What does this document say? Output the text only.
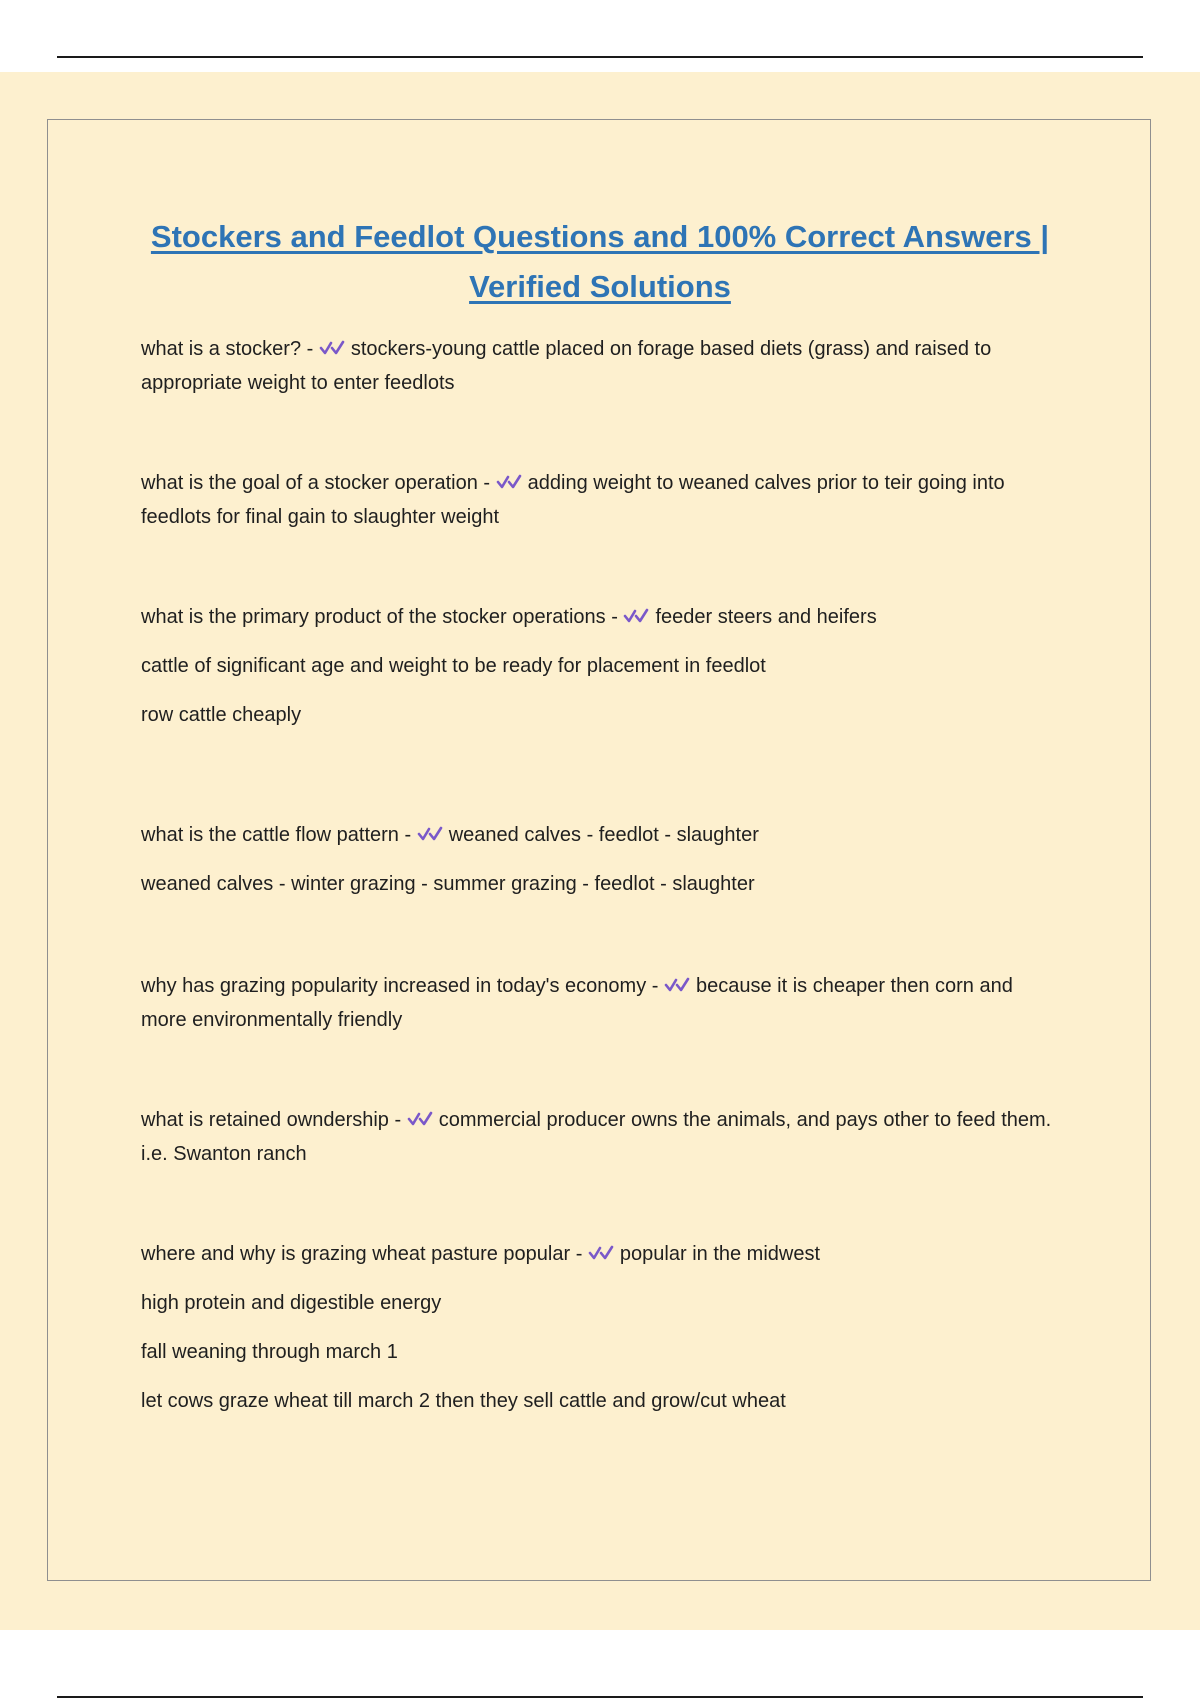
Stockers and Feedlot Questions and 100% Correct Answers |
Verified Solutions

what is a stocker? - stockers-young cattle placed on forage based diets (grass) and raised to appropriate weight to enter feedlots

what is the goal of a stocker operation - adding weight to weaned calves prior to teir going into feedlots for final gain to slaughter weight

what is the primary product of the stocker operations - feeder steers and heifers

cattle of significant age and weight to be ready for placement in feedlot

row cattle cheaply

what is the cattle flow pattern - weaned calves - feedlot - slaughter

weaned calves - winter grazing - summer grazing - feedlot - slaughter

why has grazing popularity increased in today's economy - because it is cheaper then corn and more environmentally friendly

what is retained owndership - commercial producer owns the animals, and pays other to feed them. i.e. Swanton ranch

where and why is grazing wheat pasture popular - popular in the midwest

high protein and digestible energy

fall weaning through march 1

let cows graze wheat till march 2 then they sell cattle and grow/cut wheat
